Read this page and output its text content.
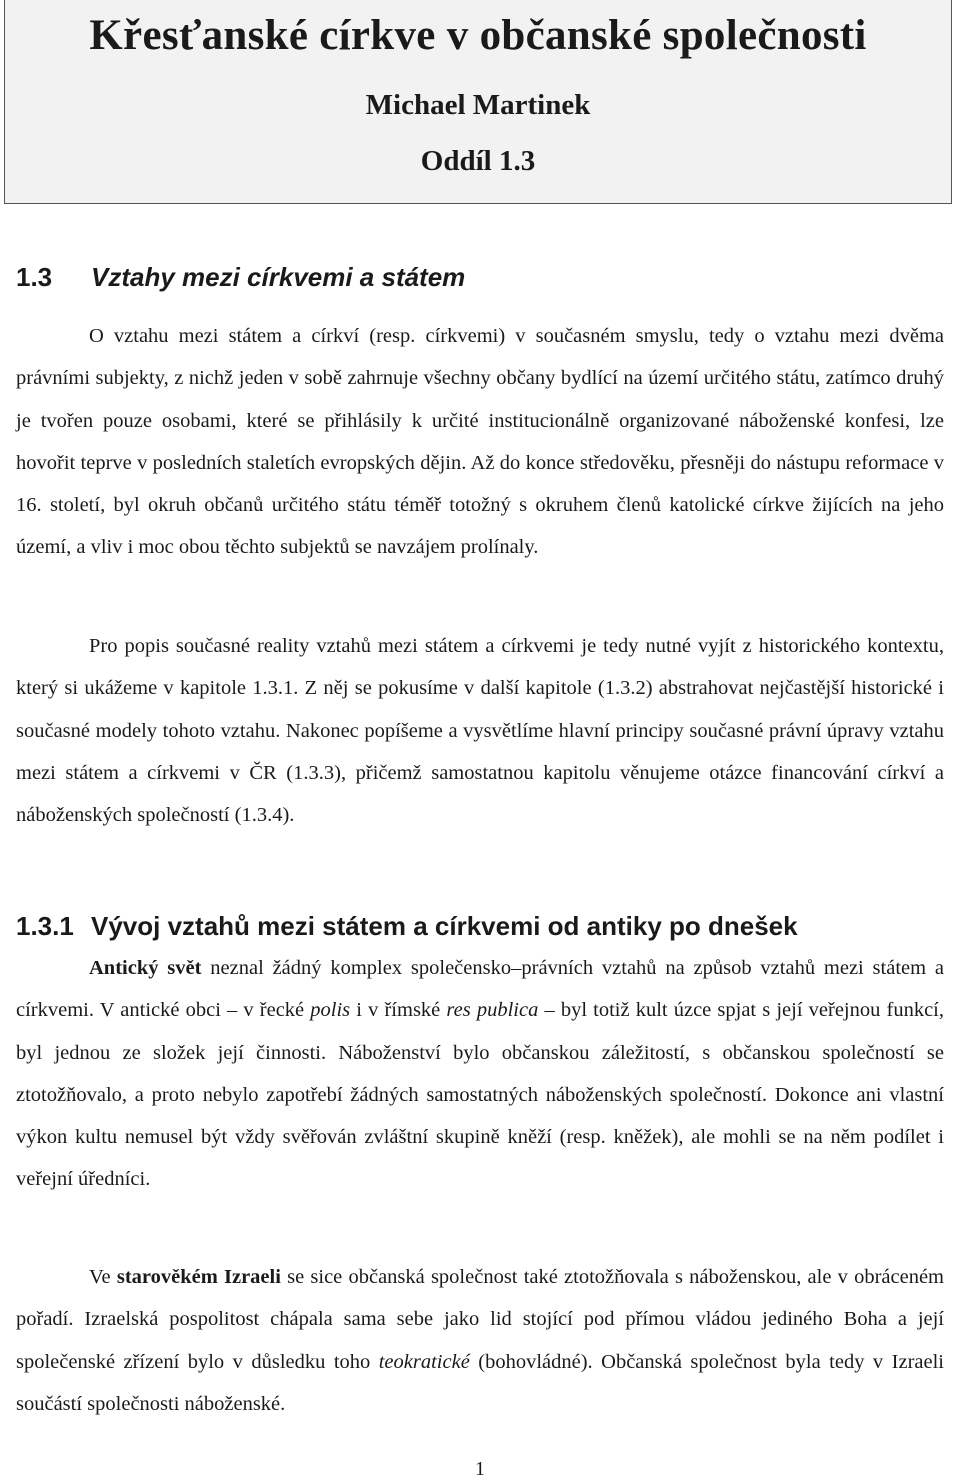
Křesťanské církve v občanské společnosti
Michael Martinek
Oddíl 1.3
1.3 Vztahy mezi církvemi a státem

O vztahu mezi státem a církví (resp. církvemi) v současném smyslu, tedy o vztahu mezi dvěma právními subjekty, z nichž jeden v sobě zahrnuje všechny občany bydlící na území určitého státu, zatímco druhý je tvořen pouze osobami, které se přihlásily k určité institucionálně organizované náboženské konfesi, lze hovořit teprve v posledních staletích evropských dějin. Až do konce středověku, přesněji do nástupu reformace v 16. století, byl okruh občanů určitého státu téměř totožný s okruhem členů katolické církve žijících na jeho území, a vliv i moc obou těchto subjektů se navzájem prolínaly.

Pro popis současné reality vztahů mezi státem a církvemi je tedy nutné vyjít z historického kontextu, který si ukážeme v kapitole 1.3.1. Z něj se pokusíme v další kapitole (1.3.2) abstrahovat nejčastější historické i současné modely tohoto vztahu. Nakonec popíšeme a vysvětlíme hlavní principy současné právní úpravy vztahu mezi státem a církvemi v ČR (1.3.3), přičemž samostatnou kapitolu věnujeme otázce financování církví a náboženských společností (1.3.4).

1.3.1 Vývoj vztahů mezi státem a církvemi od antiky po dnešek

Antický svět neznal žádný komplex společensko–právních vztahů na způsob vztahů mezi státem a církvemi. V antické obci – v řecké polis i v římské res publica – byl totiž kult úzce spjat s její veřejnou funkcí, byl jednou ze složek její činnosti. Náboženství bylo občanskou záležitostí, s občanskou společností se ztotožňovalo, a proto nebylo zapotřebí žádných samostatných náboženských společností. Dokonce ani vlastní výkon kultu nemusel být vždy svěřován zvláštní skupině kněží (resp. kněžek), ale mohli se na něm podílet i veřejní úředníci.

Ve starověkém Izraeli se sice občanská společnost také ztotožňovala s náboženskou, ale v obráceném pořadí. Izraelská pospolitost chápala sama sebe jako lid stojící pod přímou vládou jediného Boha a její společenské zřízení bylo v důsledku toho teokratické (bohovládné). Občanská společnost byla tedy v Izraeli součástí společnosti náboženské.

1
